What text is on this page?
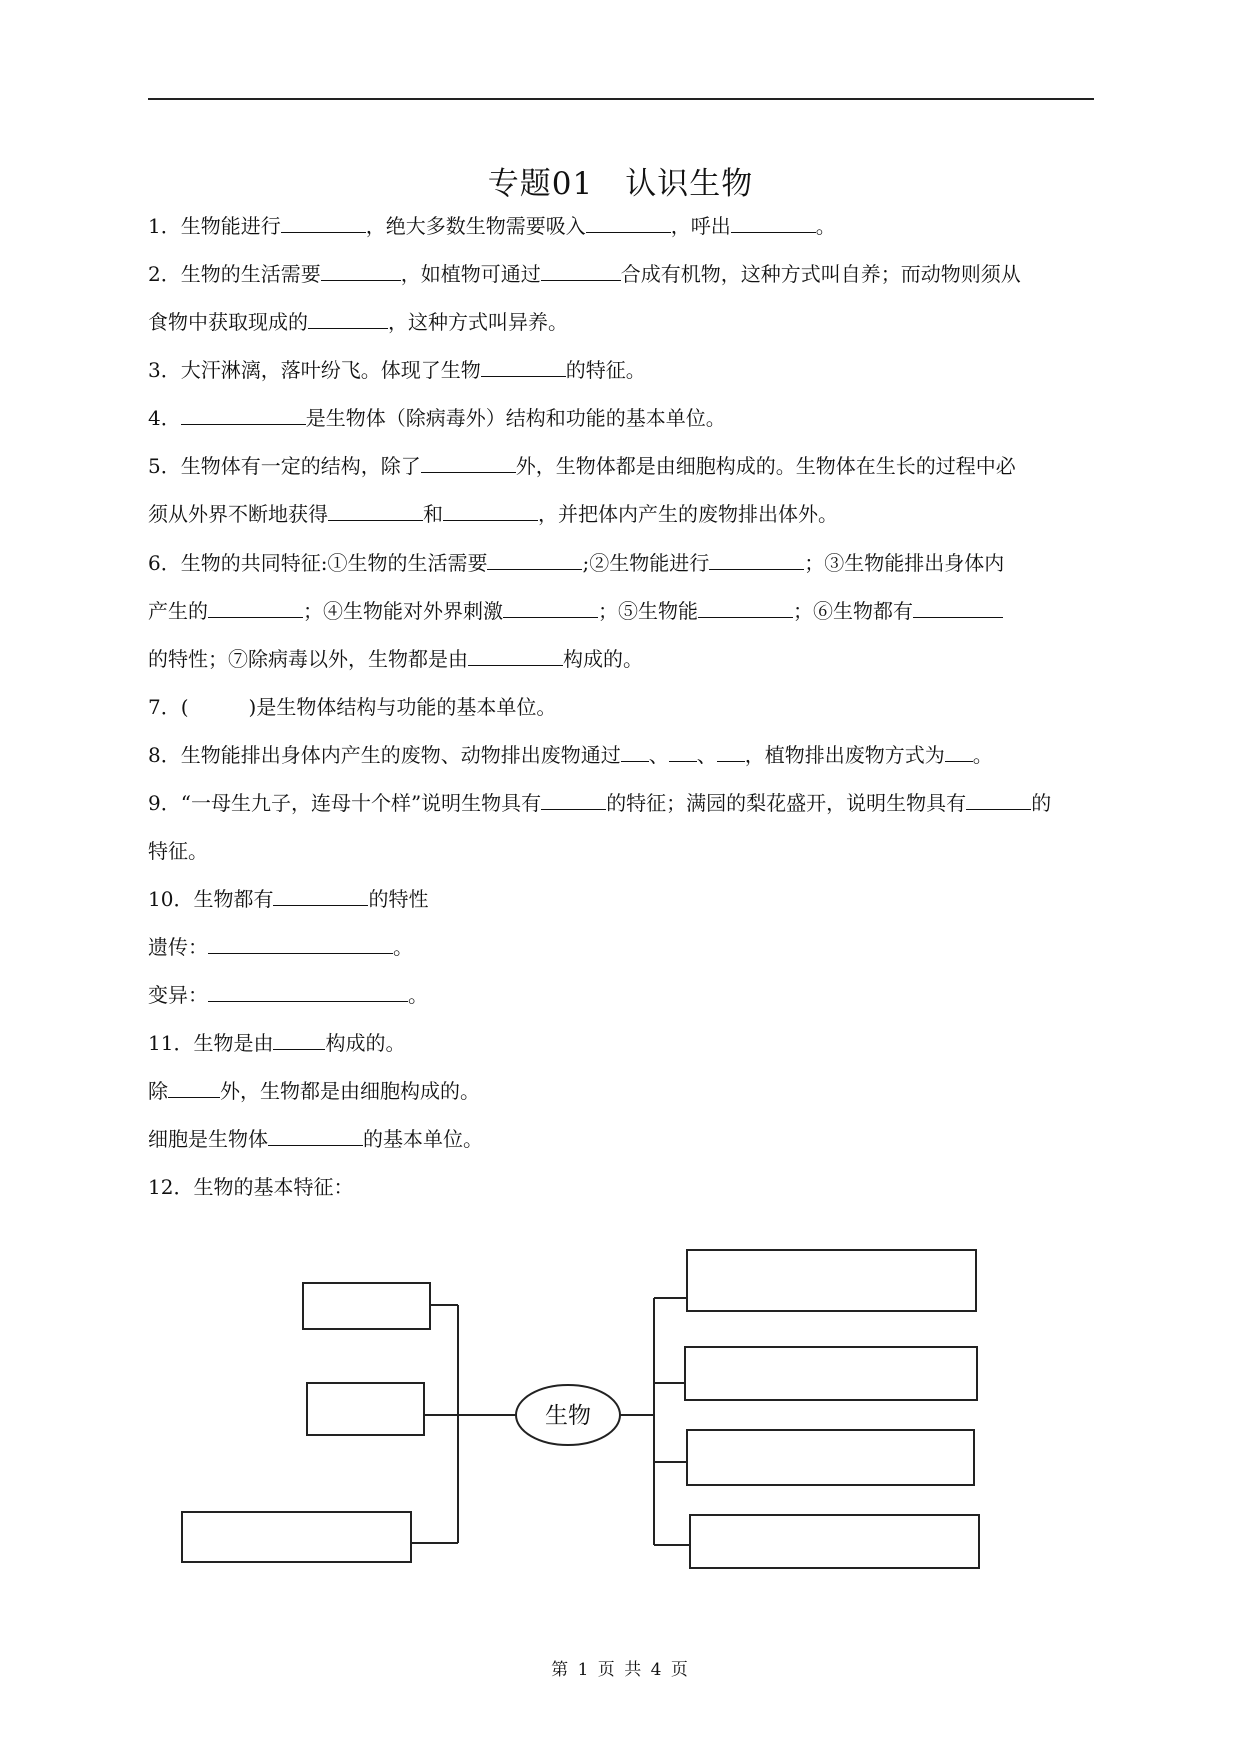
专题01　认识生物
1．生物能进行	，绝大多数生物需要吸入	，呼出	。
2．生物的生活需要	，如植物可通过	合成有机物，这种方式叫自养；而动物则须从
食物中获取现成的	，这种方式叫异养。
3．大汗淋漓，落叶纷飞。体现了生物	的特征。
4．	是生物体（除病毒外）结构和功能的基本单位。
5．生物体有一定的结构，除了	外，生物体都是由细胞构成的。生物体在生长的过程中必
须从外界不断地获得	和	，并把体内产生的废物排出体外。
6．生物的共同特征:①生物的生活需要	;②生物能进行	；③生物能排出身体内
产生的	；④生物能对外界刺激	；⑤生物能	；⑥生物都有
的特性；⑦除病毒以外，生物都是由	构成的。
7．(　　　)是生物体结构与功能的基本单位。
8．生物能排出身体内产生的废物、动物排出废物通过 、 、 ，植物排出废物方式为 。
9．“一母生九子，连母十个样”说明生物具有	的特征；满园的梨花盛开，说明生物具有	的
特征。
10．生物都有	的特性
遗传：	。
变异：	。
11．生物是由	构成的。
除	外，生物都是由细胞构成的。
细胞是生物体	的基本单位。
12．生物的基本特征：
生物
第 1 页 共 4 页
